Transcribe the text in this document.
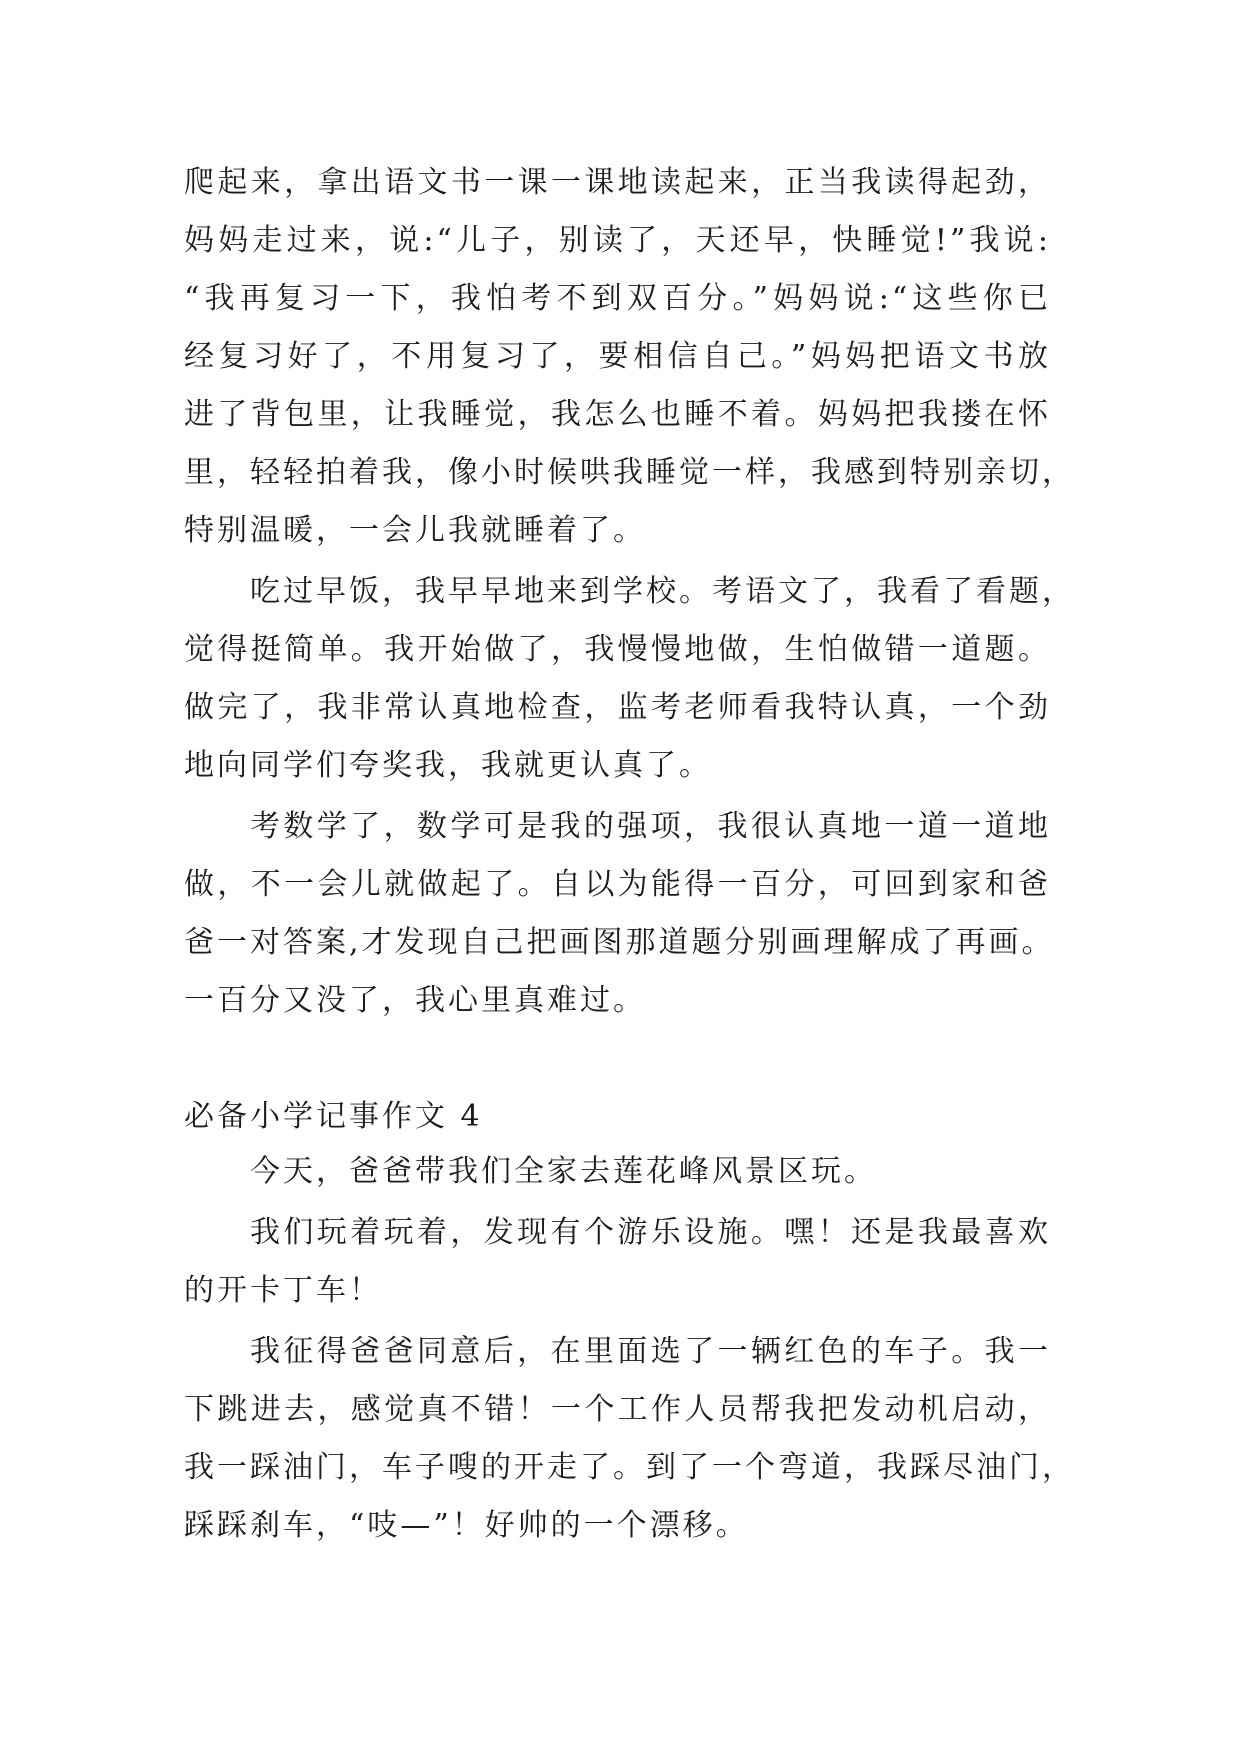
爬起来，拿出语文书一课一课地读起来，正当我读得起劲，
妈妈走过来，说:“儿子，别读了，天还早，快睡觉!”我说:
“我再复习一下，我怕考不到双百分。”妈妈说:“这些你已
经复习好了，不用复习了，要相信自己。”妈妈把语文书放
进了背包里，让我睡觉，我怎么也睡不着。妈妈把我搂在怀
里，轻轻拍着我，像小时候哄我睡觉一样，我感到特别亲切，
特别温暖，一会儿我就睡着了。
吃过早饭，我早早地来到学校。考语文了，我看了看题，
觉得挺简单。我开始做了，我慢慢地做，生怕做错一道题。
做完了，我非常认真地检查，监考老师看我特认真，一个劲
地向同学们夸奖我，我就更认真了。
考数学了，数学可是我的强项，我很认真地一道一道地
做，不一会儿就做起了。自以为能得一百分，可回到家和爸
爸一对答案,才发现自己把画图那道题分别画理解成了再画。
一百分又没了，我心里真难过。
必备小学记事作文 4
今天，爸爸带我们全家去莲花峰风景区玩。
我们玩着玩着，发现有个游乐设施。嘿！还是我最喜欢
的开卡丁车！
我征得爸爸同意后，在里面选了一辆红色的车子。我一
下跳进去，感觉真不错！一个工作人员帮我把发动机启动，
我一踩油门，车子嗖的开走了。到了一个弯道，我踩尽油门，
踩踩刹车，“吱—”！好帅的一个漂移。
